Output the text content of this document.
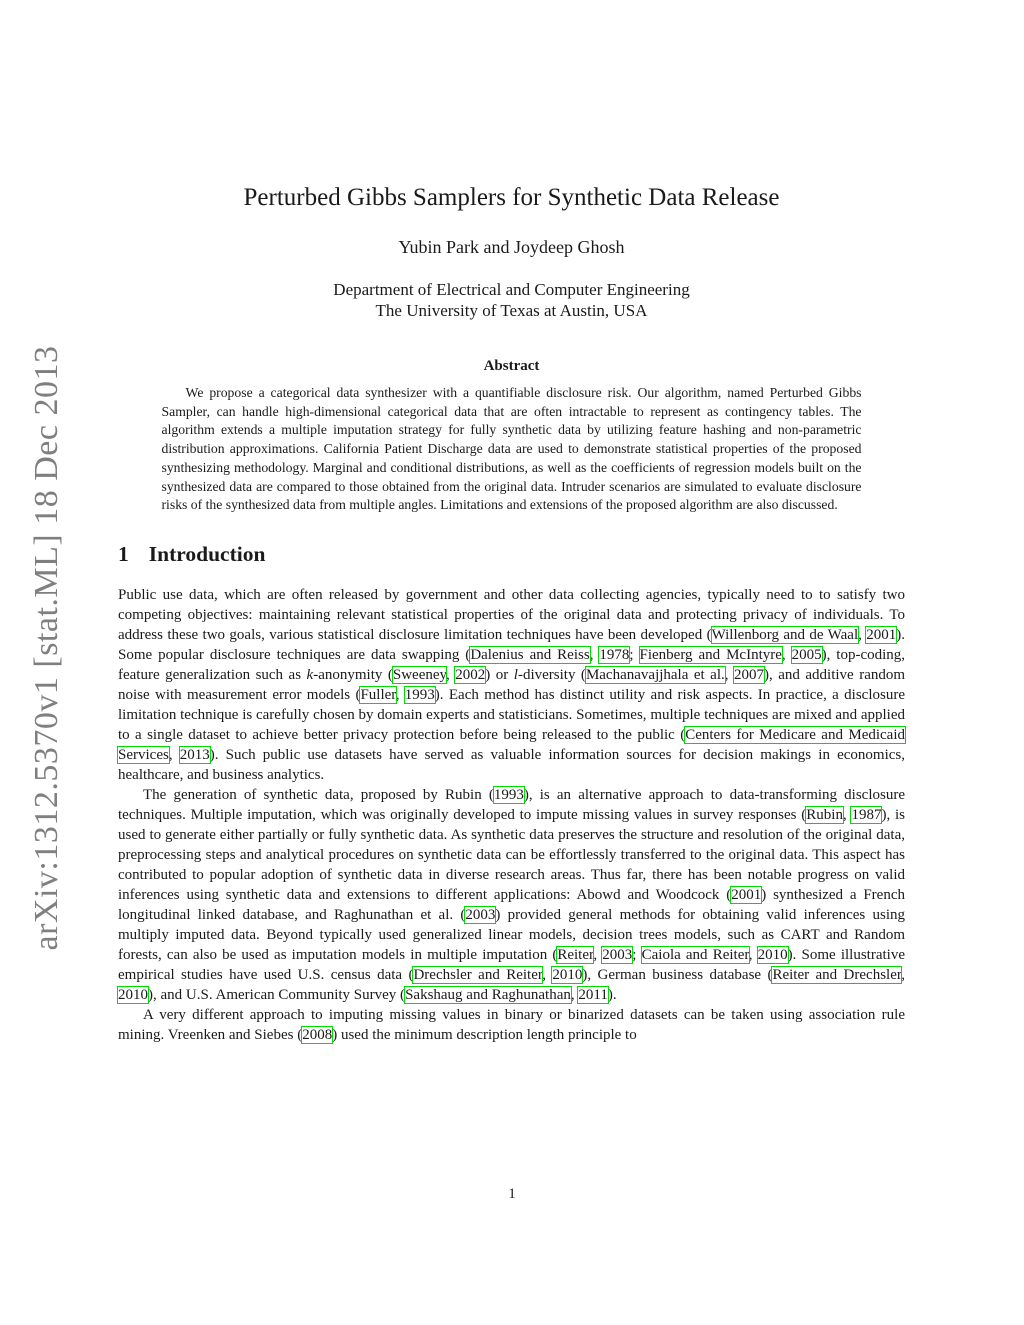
arXiv:1312.5370v1 [stat.ML] 18 Dec 2013
Perturbed Gibbs Samplers for Synthetic Data Release
Yubin Park and Joydeep Ghosh
Department of Electrical and Computer Engineering
The University of Texas at Austin, USA
Abstract

We propose a categorical data synthesizer with a quantifiable disclosure risk. Our algorithm, named Perturbed Gibbs Sampler, can handle high-dimensional categorical data that are often intractable to represent as contingency tables. The algorithm extends a multiple imputation strategy for fully synthetic data by utilizing feature hashing and non-parametric distribution approximations. California Patient Discharge data are used to demonstrate statistical properties of the proposed synthesizing methodology. Marginal and conditional distributions, as well as the coefficients of regression models built on the synthesized data are compared to those obtained from the original data. Intruder scenarios are simulated to evaluate disclosure risks of the synthesized data from multiple angles. Limitations and extensions of the proposed algorithm are also discussed.

1 Introduction

Public use data, which are often released by government and other data collecting agencies, typically need to to satisfy two competing objectives: maintaining relevant statistical properties of the original data and protecting privacy of individuals. To address these two goals, various statistical disclosure limitation techniques have been developed (Willenborg and de Waal, 2001). Some popular disclosure techniques are data swapping (Dalenius and Reiss, 1978; Fienberg and McIntyre, 2005), top-coding, feature generalization such as k-anonymity (Sweeney, 2002) or l-diversity (Machanavajjhala et al., 2007), and additive random noise with measurement error models (Fuller, 1993). Each method has distinct utility and risk aspects. In practice, a disclosure limitation technique is carefully chosen by domain experts and statisticians. Sometimes, multiple techniques are mixed and applied to a single dataset to achieve better privacy protection before being released to the public (Centers for Medicare and Medicaid Services, 2013). Such public use datasets have served as valuable information sources for decision makings in economics, healthcare, and business analytics.

The generation of synthetic data, proposed by Rubin (1993), is an alternative approach to data-transforming disclosure techniques. Multiple imputation, which was originally developed to impute missing values in survey responses (Rubin, 1987), is used to generate either partially or fully synthetic data. As synthetic data preserves the structure and resolution of the original data, preprocessing steps and analytical procedures on synthetic data can be effortlessly transferred to the original data. This aspect has contributed to popular adoption of synthetic data in diverse research areas. Thus far, there has been notable progress on valid inferences using synthetic data and extensions to different applications: Abowd and Woodcock (2001) synthesized a French longitudinal linked database, and Raghunathan et al. (2003) provided general methods for obtaining valid inferences using multiply imputed data. Beyond typically used generalized linear models, decision trees models, such as CART and Random forests, can also be used as imputation models in multiple imputation (Reiter, 2003; Caiola and Reiter, 2010). Some illustrative empirical studies have used U.S. census data (Drechsler and Reiter, 2010), German business database (Reiter and Drechsler, 2010), and U.S. American Community Survey (Sakshaug and Raghunathan, 2011).

A very different approach to imputing missing values in binary or binarized datasets can be taken using association rule mining. Vreenken and Siebes (2008) used the minimum description length principle to

1
